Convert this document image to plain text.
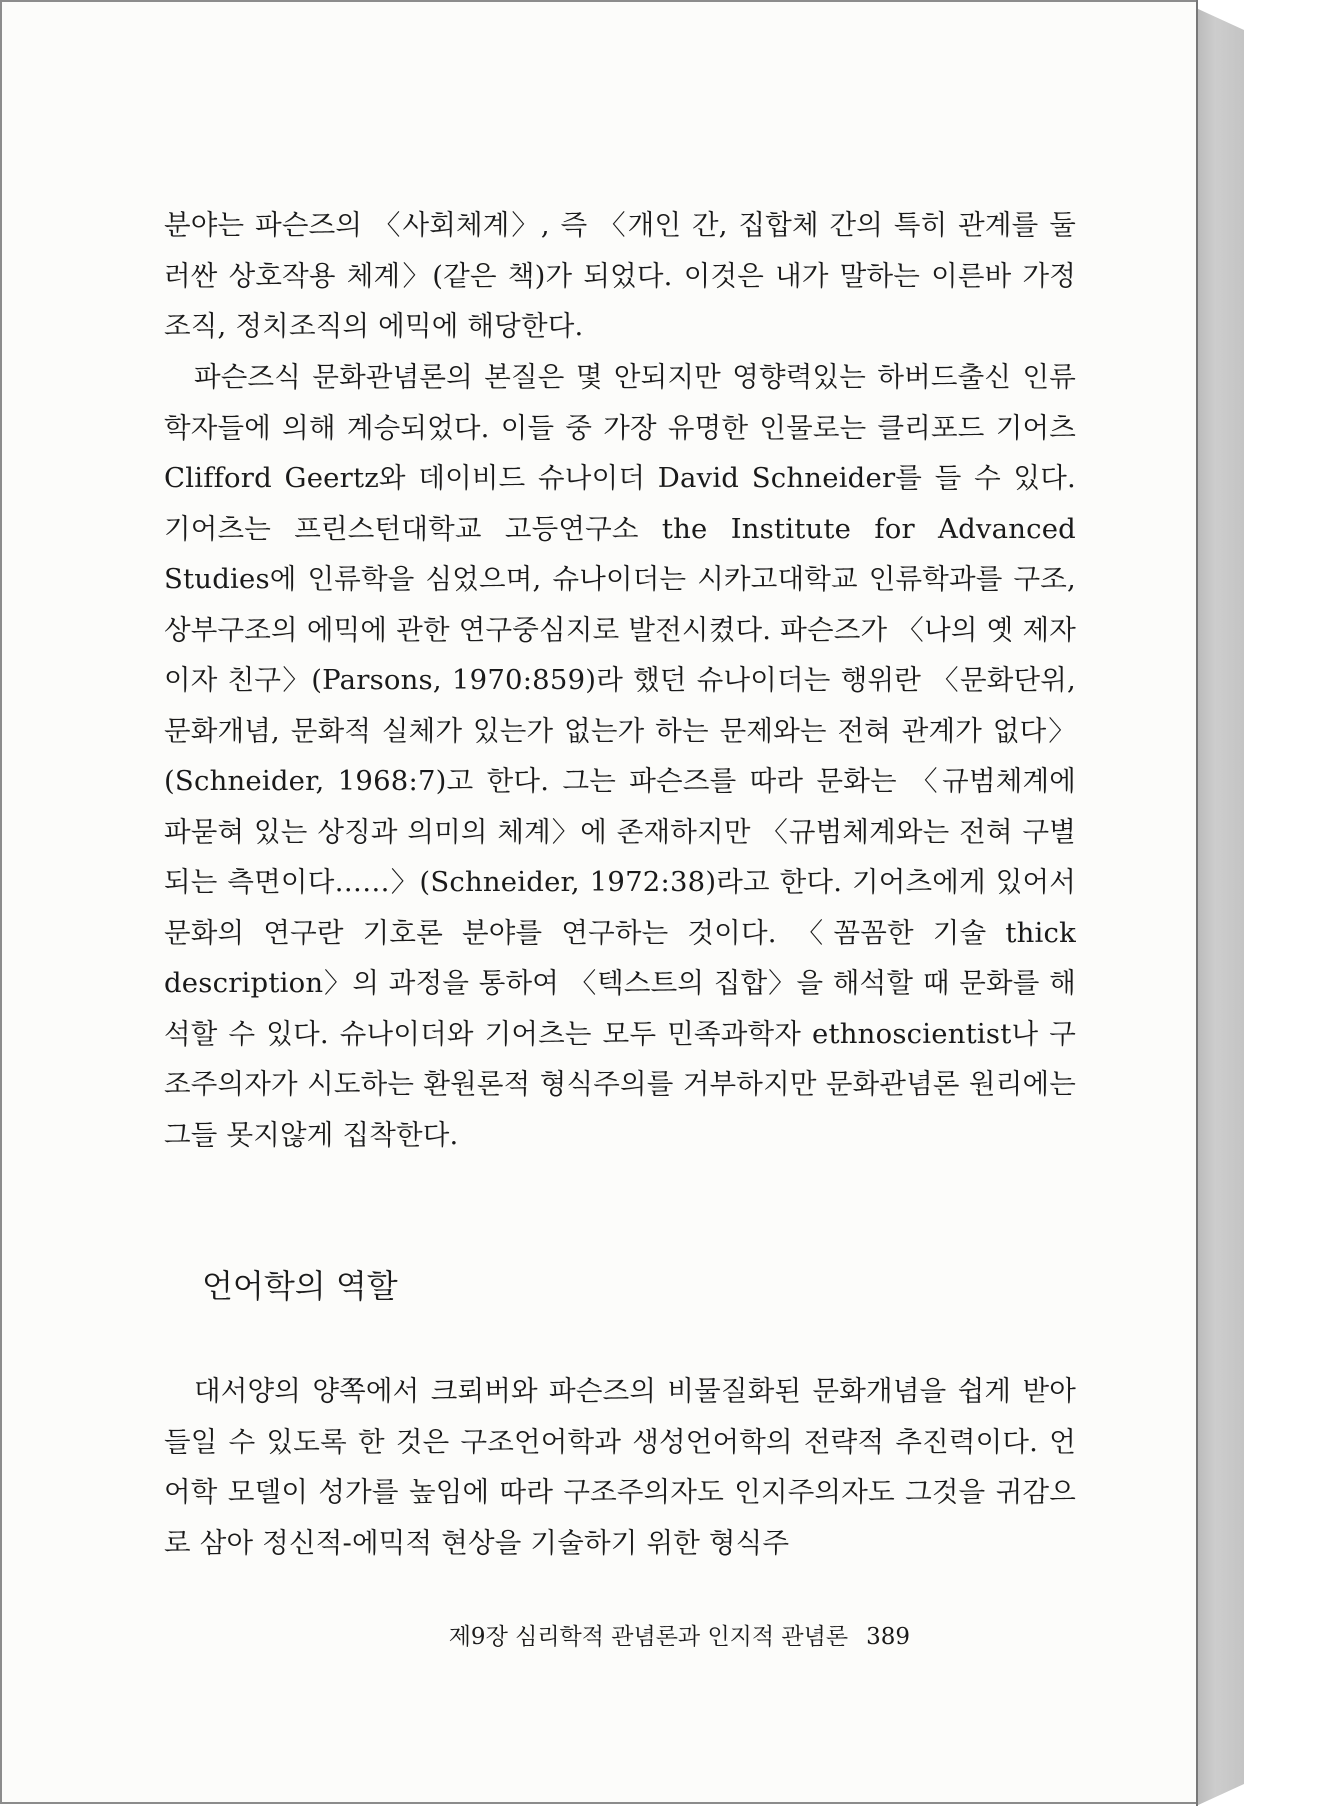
분야는 파슨즈의 〈사회체계〉, 즉 〈개인 간, 집합체 간의 특히 관계를 둘러싼 상호작용 체계〉(같은 책)가 되었다. 이것은 내가 말하는 이른바 가정조직, 정치조직의 에믹에 해당한다.

파슨즈식 문화관념론의 본질은 몇 안되지만 영향력있는 하버드출신 인류학자들에 의해 계승되었다. 이들 중 가장 유명한 인물로는 클리포드 기어츠 Clifford Geertz와 데이비드 슈나이더 David Schneider를 들 수 있다. 기어츠는 프린스턴대학교 고등연구소 the Institute for Advanced Studies에 인류학을 심었으며, 슈나이더는 시카고대학교 인류학과를 구조, 상부구조의 에믹에 관한 연구중심지로 발전시켰다. 파슨즈가 〈나의 옛 제자이자 친구〉(Parsons, 1970:859)라 했던 슈나이더는 행위란 〈문화단위, 문화개념, 문화적 실체가 있는가 없는가 하는 문제와는 전혀 관계가 없다〉(Schneider, 1968:7)고 한다. 그는 파슨즈를 따라 문화는 〈규범체계에 파묻혀 있는 상징과 의미의 체계〉에 존재하지만 〈규범체계와는 전혀 구별되는 측면이다……〉(Schneider, 1972:38)라고 한다. 기어츠에게 있어서 문화의 연구란 기호론 분야를 연구하는 것이다. 〈꼼꼼한 기술 thick description〉의 과정을 통하여 〈텍스트의 집합〉을 해석할 때 문화를 해석할 수 있다. 슈나이더와 기어츠는 모두 민족과학자 ethnoscientist나 구조주의자가 시도하는 환원론적 형식주의를 거부하지만 문화관념론 원리에는 그들 못지않게 집착한다.

언어학의 역할

대서양의 양쪽에서 크뢰버와 파슨즈의 비물질화된 문화개념을 쉽게 받아들일 수 있도록 한 것은 구조언어학과 생성언어학의 전략적 추진력이다. 언어학 모델이 성가를 높임에 따라 구조주의자도 인지주의자도 그것을 귀감으로 삼아 정신적-에믹적 현상을 기술하기 위한 형식주

제9장 심리학적 관념론과 인지적 관념론 389
